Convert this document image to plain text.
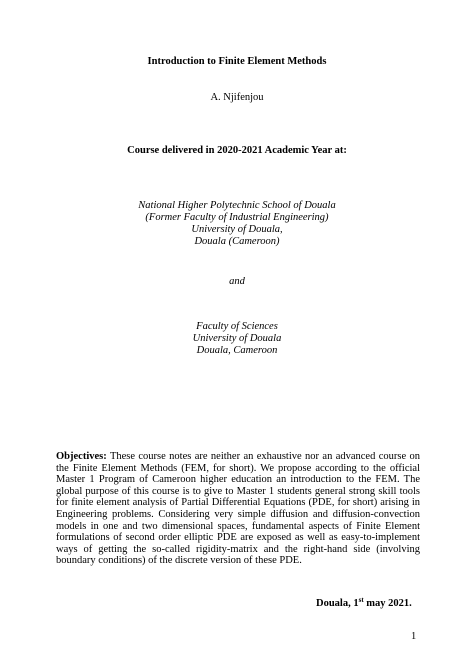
Introduction to Finite Element Methods
A. Njifenjou
Course delivered in 2020-2021 Academic Year at:
National Higher Polytechnic School of Douala
(Former Faculty of Industrial Engineering)
University of Douala,
Douala (Cameroon)
and
Faculty of Sciences
University of Douala
Douala, Cameroon
Objectives: These course notes are neither an exhaustive nor an advanced course on the Finite Element Methods (FEM, for short). We propose according to the official Master 1 Program of Cameroon higher education an introduction to the FEM. The global purpose of this course is to give to Master 1 students general strong skill tools for finite element analysis of Partial Differential Equations (PDE, for short) arising in Engineering problems. Considering very simple diffusion and diffusion-convection models in one and two dimensional spaces, fundamental aspects of Finite Element formulations of second order elliptic PDE are exposed as well as easy-to-implement ways of getting the so-called rigidity-matrix and the right-hand side (involving boundary conditions) of the discrete version of these PDE.
Douala, 1st may 2021.
1
